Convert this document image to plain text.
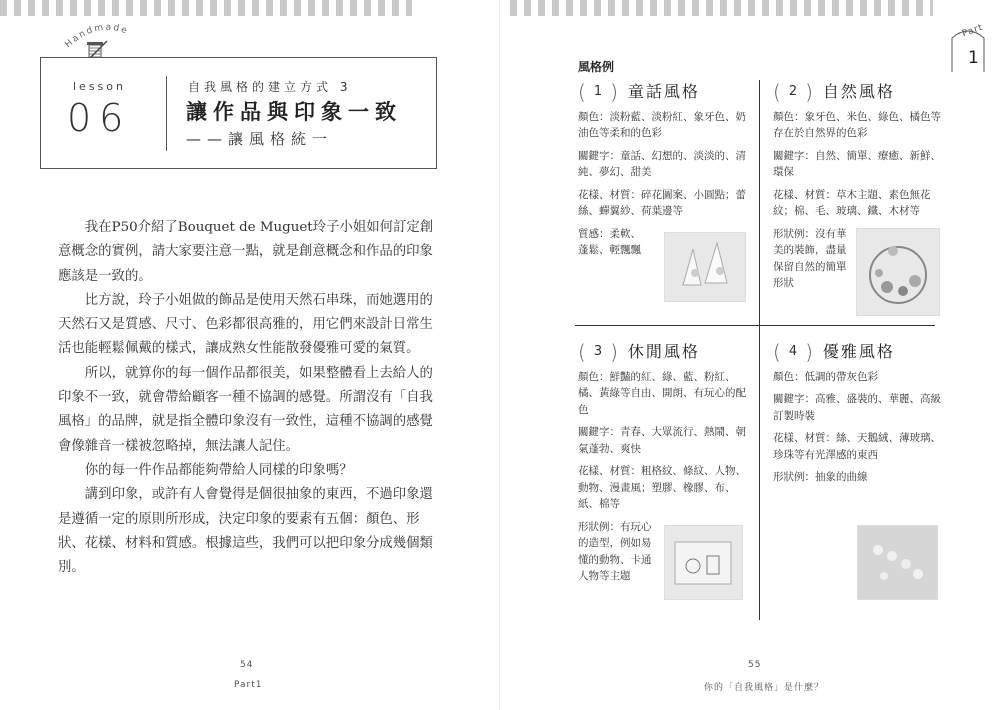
Handmade
lesson
06
自我風格的建立方式 3
讓作品與印象一致
——讓風格統一

我在P50介紹了Bouquet de Muguet玲子小姐如何訂定創意概念的實例，請大家要注意一點，就是創意概念和作品的印象應該是一致的。

比方說，玲子小姐做的飾品是使用天然石串珠，而她選用的天然石又是質感、尺寸、色彩都很高雅的，用它們來設計日常生活也能輕鬆佩戴的樣式，讓成熟女性能散發優雅可愛的氣質。

所以，就算你的每一個作品都很美，如果整體看上去給人的印象不一致，就會帶給顧客一種不協調的感覺。所謂沒有「自我風格」的品牌，就是指全體印象沒有一致性，這種不協調的感覺會像雜音一樣被忽略掉，無法讓人記住。

你的每一件作品都能夠帶給人同樣的印象嗎？

講到印象，或許有人會覺得是個很抽象的東西，不過印象還是遵循一定的原則所形成，決定印象的要素有五個：顏色、形狀、花樣、材料和質感。根據這些，我們可以把印象分成幾個類別。

54
Part1
風格例
Part
1
( 1 ) 童話風格
顏色：淡粉藍、淡粉紅、象牙色、奶油色等柔和的色彩
關鍵字：童話、幻想的、淡淡的、清純、夢幻、甜美
花樣、材質：碎花圖案、小圓點；蕾絲、蟬翼紗、荷葉邊等
質感：柔軟、蓬鬆、輕飄飄
( 2 ) 自然風格
顏色：象牙色、米色、綠色、橘色等存在於自然界的色彩
關鍵字：自然、簡單、療癒、新鮮、環保
花樣、材質：草木主題、素色無花紋；棉、毛、玻璃、鐵、木材等
形狀例：沒有華美的裝飾，盡量保留自然的簡單形狀
( 3 ) 休閒風格
顏色：鮮豔的紅、綠、藍、粉紅、橘、黃綠等自由、開朗、有玩心的配色
關鍵字：青春、大眾流行、熱鬧、朝氣蓬勃、爽快
花樣、材質：粗格紋、條紋、人物、動物、漫畫風；塑膠、橡膠、布、紙、棉等
形狀例：有玩心的造型，例如易懂的動物、卡通人物等主題
( 4 ) 優雅風格
顏色：低調的帶灰色彩
關鍵字：高雅、盛裝的、華麗、高級訂製時裝
花樣、材質：絲、天鵝絨、薄玻璃、珍珠等有光澤感的東西
形狀例：抽象的曲線
55
你的「自我風格」是什麼？
